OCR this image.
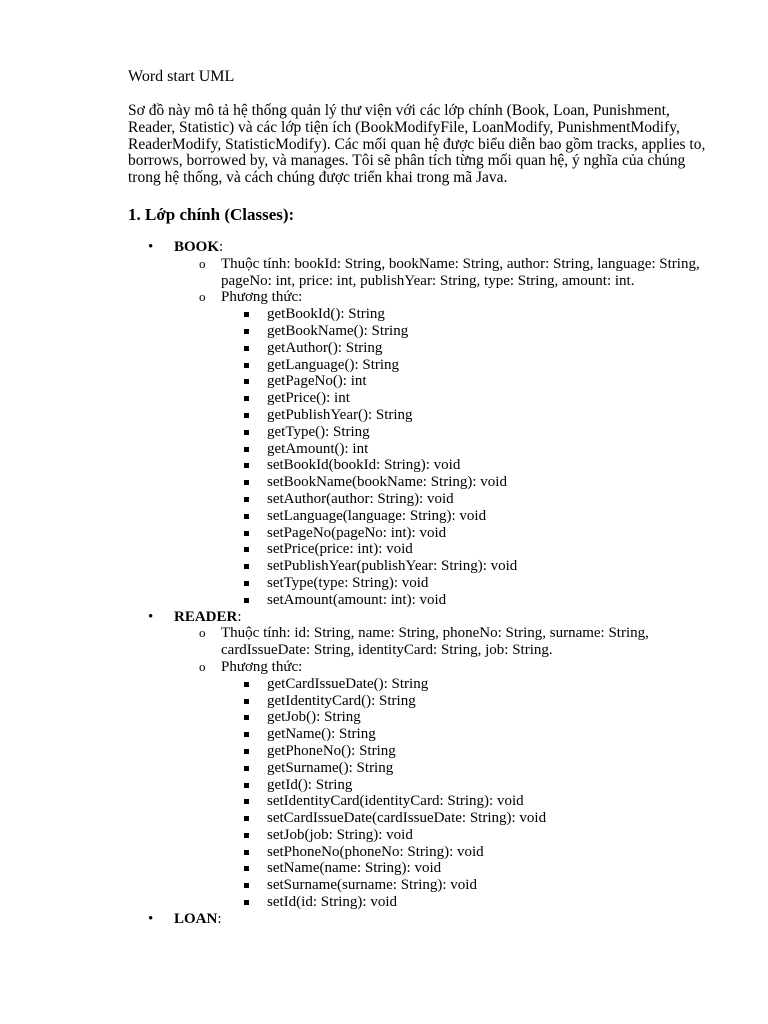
Word start UML
Sơ đồ này mô tả hệ thống quản lý thư viện với các lớp chính (Book, Loan, Punishment, Reader, Statistic) và các lớp tiện ích (BookModifyFile, LoanModify, PunishmentModify, ReaderModify, StatisticModify). Các mối quan hệ được biểu diễn bao gồm tracks, applies to, borrows, borrowed by, và manages. Tôi sẽ phân tích từng mối quan hệ, ý nghĩa của chúng trong hệ thống, và cách chúng được triển khai trong mã Java.
1. Lớp chính (Classes):
• BOOK:
o Thuộc tính: bookId: String, bookName: String, author: String, language: String, pageNo: int, price: int, publishYear: String, type: String, amount: int.
o Phương thức:
getBookId(): String
getBookName(): String
getAuthor(): String
getLanguage(): String
getPageNo(): int
getPrice(): int
getPublishYear(): String
getType(): String
getAmount(): int
setBookId(bookId: String): void
setBookName(bookName: String): void
setAuthor(author: String): void
setLanguage(language: String): void
setPageNo(pageNo: int): void
setPrice(price: int): void
setPublishYear(publishYear: String): void
setType(type: String): void
setAmount(amount: int): void
• READER:
o Thuộc tính: id: String, name: String, phoneNo: String, surname: String, cardIssueDate: String, identityCard: String, job: String.
o Phương thức:
getCardIssueDate(): String
getIdentityCard(): String
getJob(): String
getName(): String
getPhoneNo(): String
getSurname(): String
getId(): String
setIdentityCard(identityCard: String): void
setCardIssueDate(cardIssueDate: String): void
setJob(job: String): void
setPhoneNo(phoneNo: String): void
setName(name: String): void
setSurname(surname: String): void
setId(id: String): void
• LOAN:
